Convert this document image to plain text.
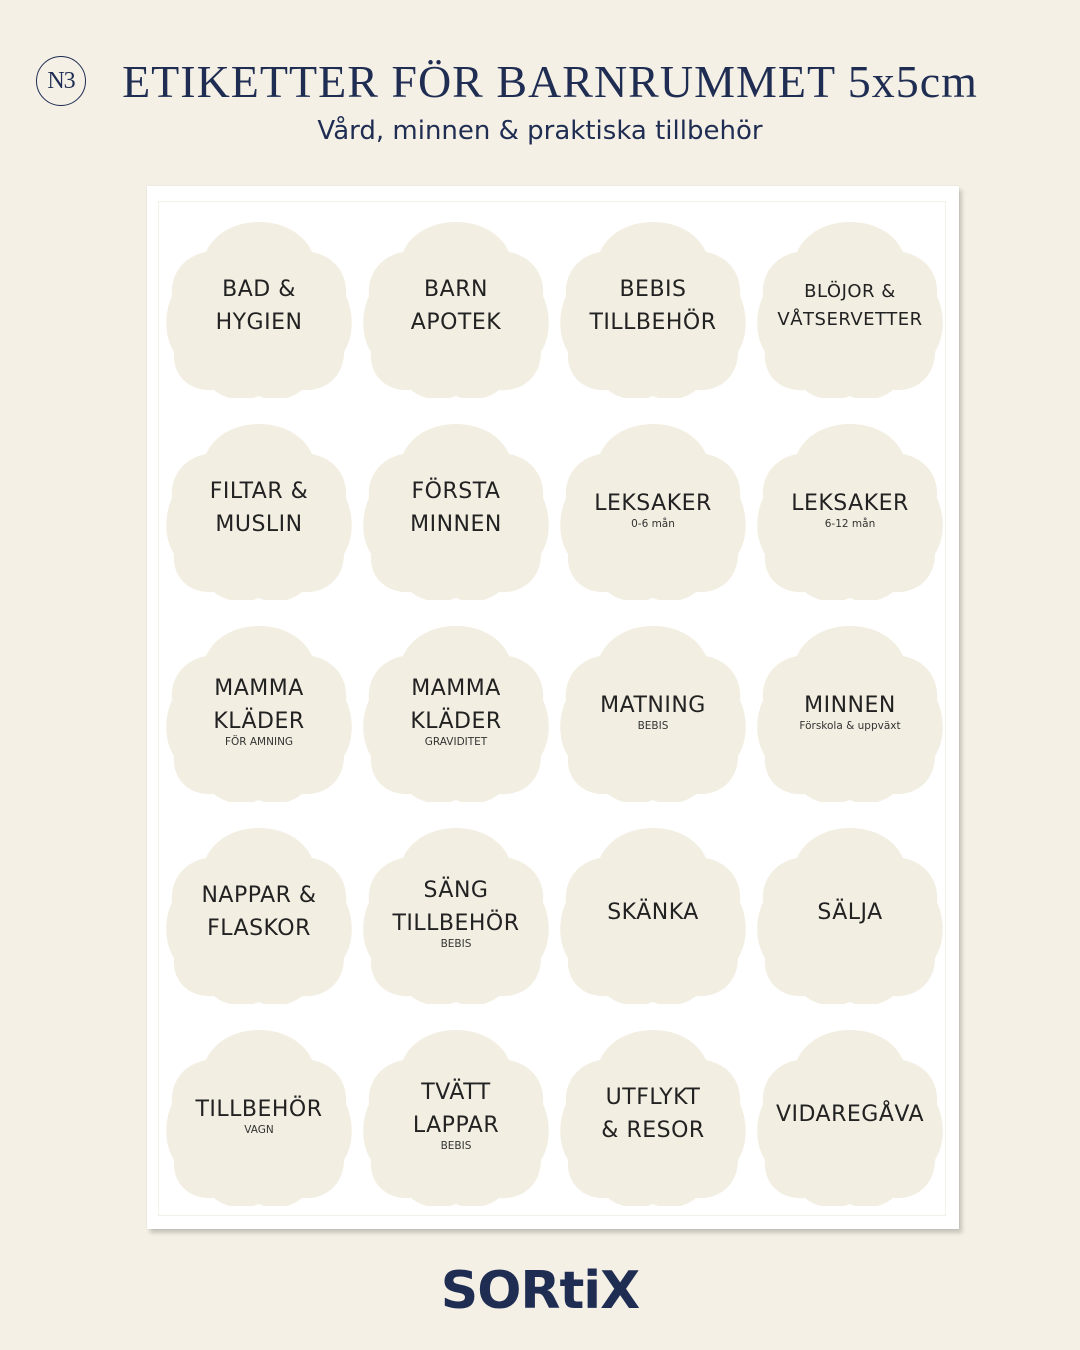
N3 ETIKETTER FÖR BARNRUMMET 5x5cm
Vård, minnen & praktiska tillbehör
BAD &
HYGIEN
BARN
APOTEK
BEBIS
TILLBEHÖR
BLÖJOR &
VÅTSERVETTER
FILTAR &
MUSLIN
FÖRSTA
MINNEN
LEKSAKER
0-6 mån
LEKSAKER
6-12 mån
MAMMA
KLÄDER
FÖR AMNING
MAMMA
KLÄDER
GRAVIDITET
MATNING
BEBIS
MINNEN
Förskola & uppväxt
NAPPAR &
FLASKOR
SÄNG
TILLBEHÖR
BEBIS
SKÄNKA	SÄLJA
TILLBEHÖR
VAGN
TVÄTT
LAPPAR
BEBIS
UTFLYKT
& RESOR
VIDAREGÅVA
SORtiX
